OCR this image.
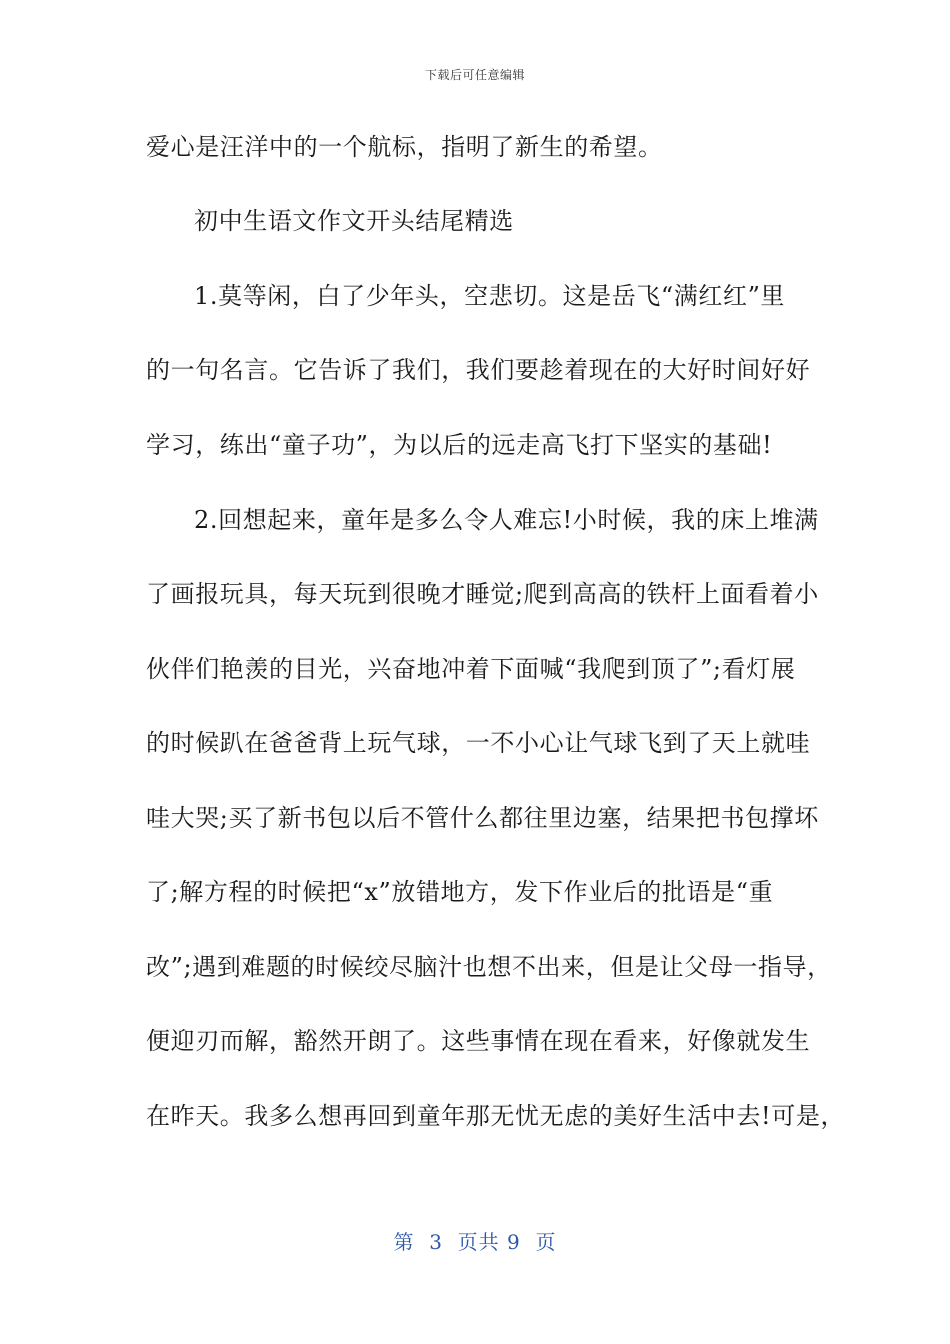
下载后可任意编辑
爱心是汪洋中的一个航标，指明了新生的希望。
初中生语文作文开头结尾精选
1.莫等闲，白了少年头，空悲切。这是岳飞“满红红”里
的一句名言。它告诉了我们，我们要趁着现在的大好时间好好
学习，练出“童子功”，为以后的远走高飞打下坚实的基础!
2.回想起来，童年是多么令人难忘!小时候，我的床上堆满
了画报玩具，每天玩到很晚才睡觉;爬到高高的铁杆上面看着小
伙伴们艳羡的目光，兴奋地冲着下面喊“我爬到顶了”;看灯展
的时候趴在爸爸背上玩气球，一不小心让气球飞到了天上就哇
哇大哭;买了新书包以后不管什么都往里边塞，结果把书包撑坏
了;解方程的时候把“x”放错地方，发下作业后的批语是“重
改”;遇到难题的时候绞尽脑汁也想不出来，但是让父母一指导，
便迎刃而解，豁然开朗了。这些事情在现在看来，好像就发生
在昨天。我多么想再回到童年那无忧无虑的美好生活中去!可是，
第  3  页共 9  页
